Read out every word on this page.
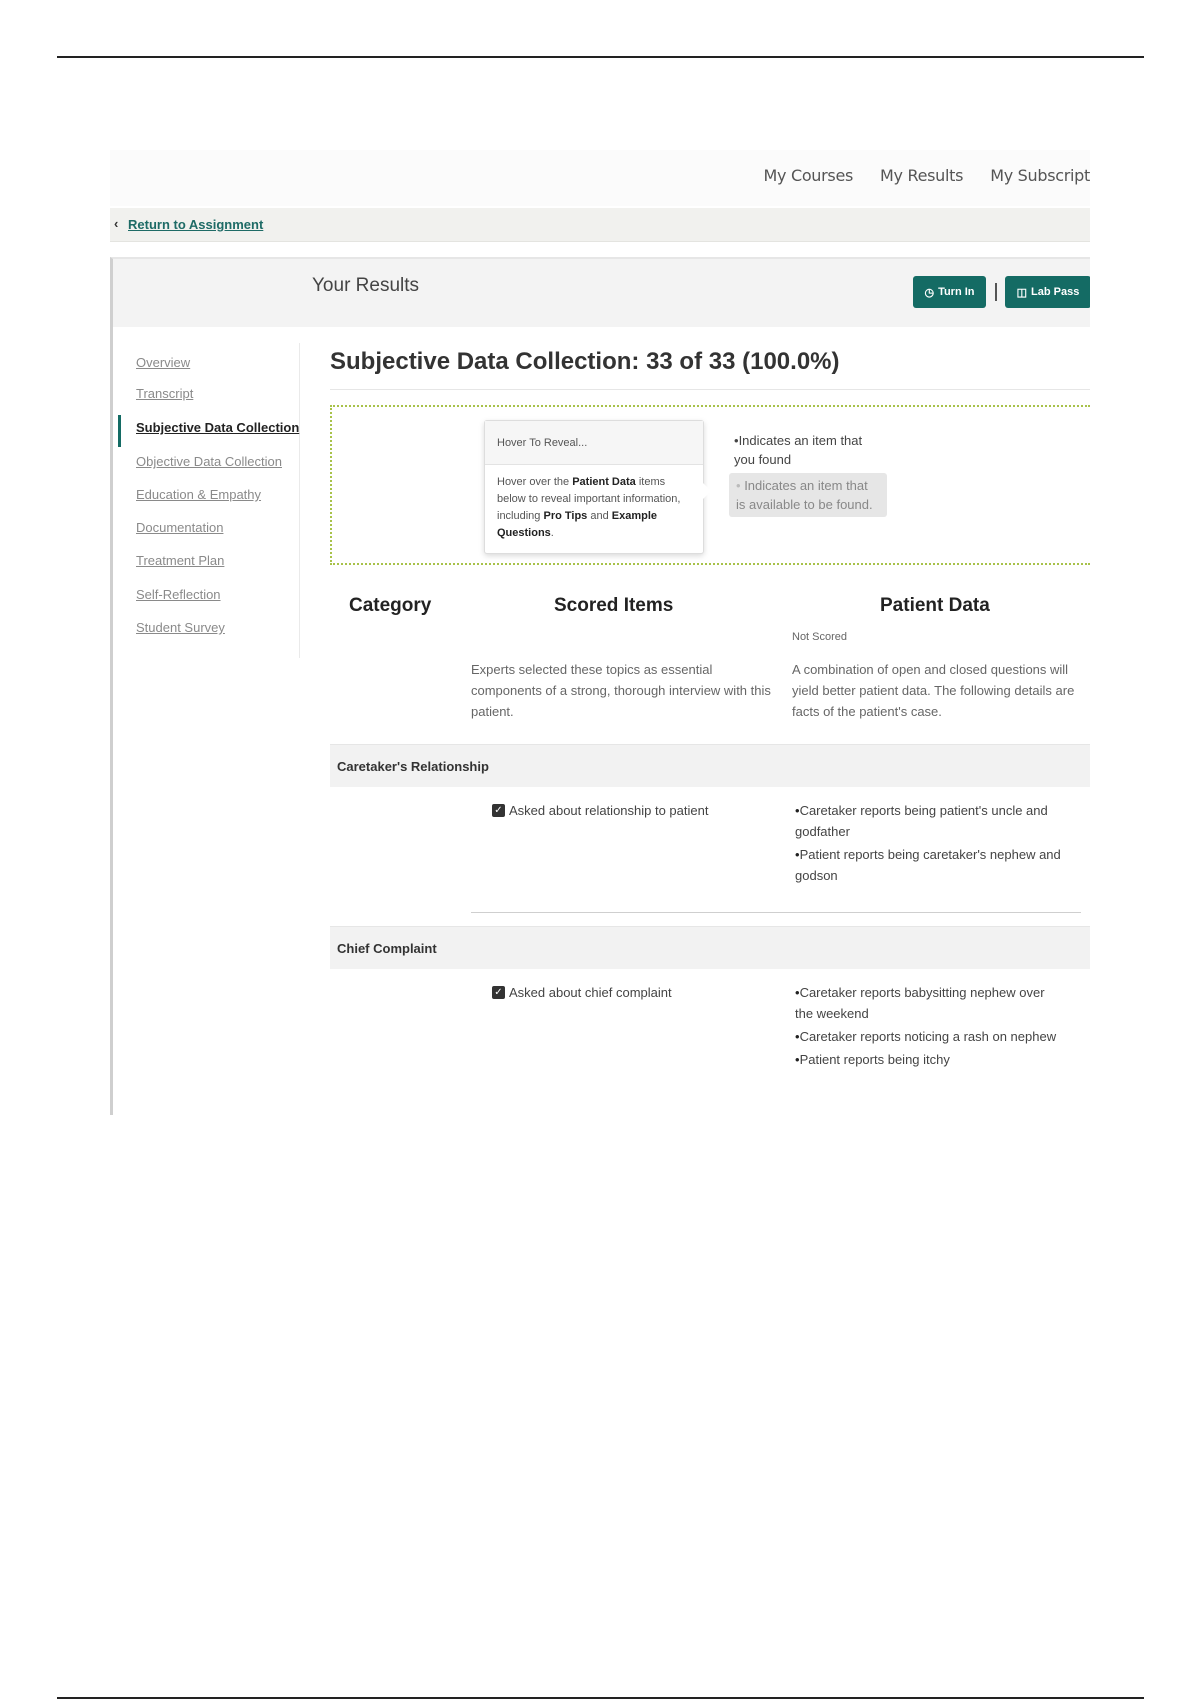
My Courses My Results My Subscript
‹ Return to Assignment
Your Results	◷ Turn In	◫ Lab Pass
Overview
Transcript
Subjective Data Collection
Objective Data Collection
Education & Empathy
Documentation
Treatment Plan
Self-Reflection
Student Survey
Subjective Data Collection: 33 of 33 (100.0%)
Hover To Reveal...
Hover over the Patient Data items below to reveal important information, including Pro Tips and Example Questions.
•Indicates an item that you found
• Indicates an item that is available to be found.
Category	Scored Items	Patient Data
Not Scored
Experts selected these topics as essential components of a strong, thorough interview with this patient.
A combination of open and closed questions will yield better patient data. The following details are facts of the patient's case.
Caretaker's Relationship
✓ Asked about relationship to patient	• Caretaker reports being patient's uncle and godfather
• Patient reports being caretaker's nephew and godson
Chief Complaint
✓ Asked about chief complaint	• Caretaker reports babysitting nephew over the weekend
• Caretaker reports noticing a rash on nephew
• Patient reports being itchy
